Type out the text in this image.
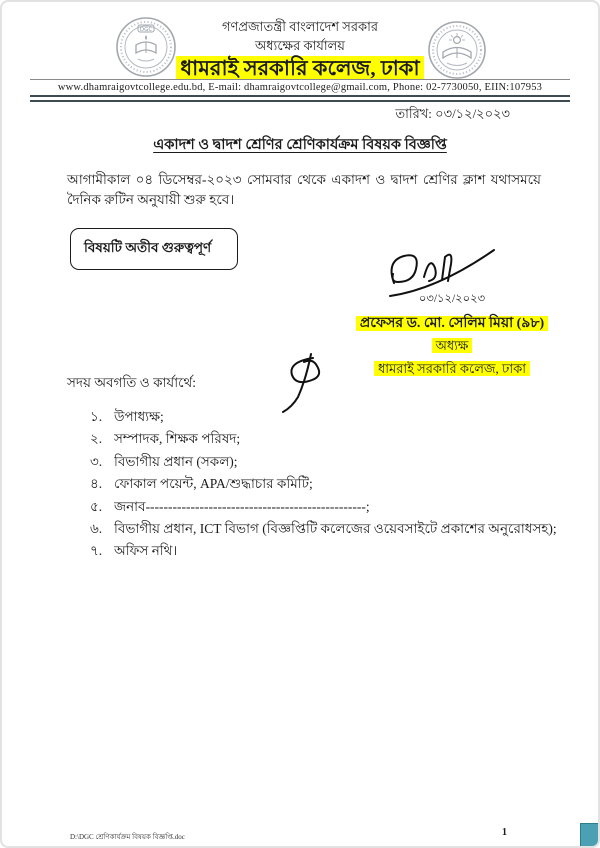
DGC	গণপ্রজাতন্ত্রী বাংলাদেশ সরকার
অধ্যক্ষের কার্যালয়
ধামরাই সরকারি কলেজ, ঢাকা
www.dhamraigovtcollege.edu.bd, E-mail: dhamraigovtcollege@gmail.com, Phone: 02-7730050, EIIN:107953
তারিখ: ০৩/১২/২০২৩
একাদশ ও দ্বাদশ শ্রেণির শ্রেণিকার্যক্রম বিষয়ক বিজ্ঞপ্তি
আগামীকাল ০৪ ডিসেম্বর-২০২৩ সোমবার থেকে একাদশ ও দ্বাদশ শ্রেণির ক্লাশ যথাসময়ে দৈনিক রুটিন অনুযায়ী শুরু হবে।
বিষয়টি অতীব গুরুত্বপূর্ণ
০৩/১২/২০২৩
প্রফেসর ড. মো. সেলিম মিয়া (৯৮)
অধ্যক্ষ
ধামরাই সরকারি কলেজ, ঢাকা
সদয় অবগতি ও কার্যার্থে:
১. উপাধ্যক্ষ;
২. সম্পাদক, শিক্ষক পরিষদ;
৩. বিভাগীয় প্রধান (সকল);
৪. ফোকাল পয়েন্ট, APA/শুদ্ধাচার কমিটি;
৫. জনাব-------------------------------------------------;
৬. বিভাগীয় প্রধান, ICT বিভাগ (বিজ্ঞপ্তিটি কলেজের ওয়েবসাইটে প্রকাশের অনুরোধসহ);
৭. অফিস নথি।
D:\DGC শ্রেণিকার্যক্রম বিষয়ক বিজ্ঞপ্তি.doc	1
